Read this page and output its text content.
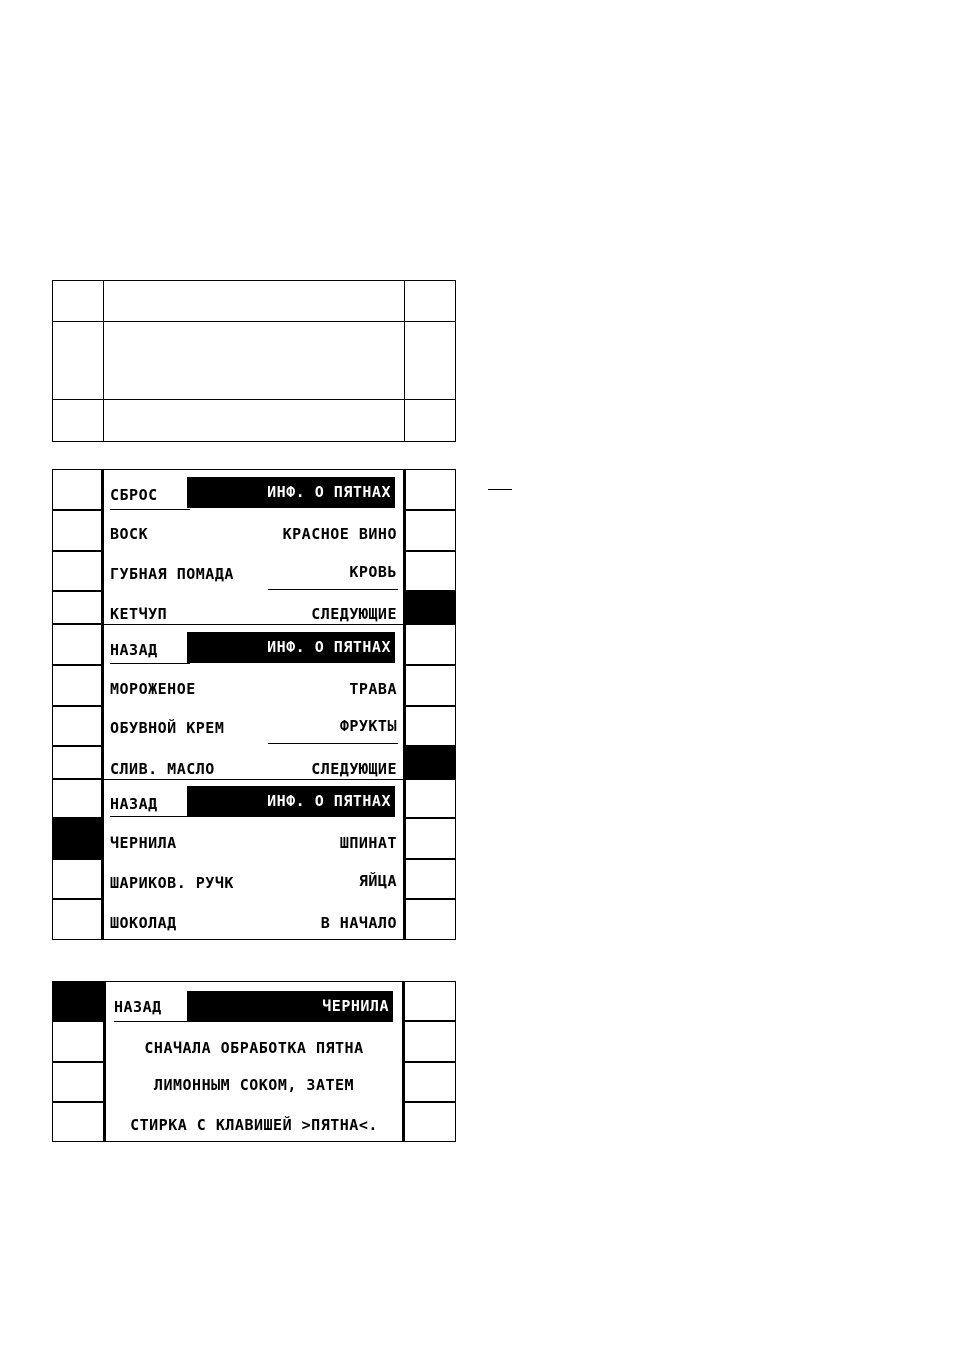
СБРОС	ИНФ. О ПЯТНАХ
ВОСК	КРАСНОЕ ВИНО
ГУБНАЯ ПОМАДА	КРОВЬ
КЕТЧУП	СЛЕДУЮЩИЕ
НАЗАД	ИНФ. О ПЯТНАХ
МОРОЖЕНОЕ	ТРАВА
ОБУВНОЙ КРЕМ	ФРУКТЫ
СЛИВ. МАСЛО	СЛЕДУЮЩИЕ
НАЗАД	ИНФ. О ПЯТНАХ
ЧЕРНИЛА	ШПИНАТ
ШАРИКОВ. РУЧК	ЯЙЦА
ШОКОЛАД	В НАЧАЛО
НАЗАД	ЧЕРНИЛА
СНАЧАЛА ОБРАБОТКА ПЯТНА
ЛИМОННЫМ СОКОМ, ЗАТЕМ
СТИРКА С КЛАВИШЕЙ >ПЯТНА<.
